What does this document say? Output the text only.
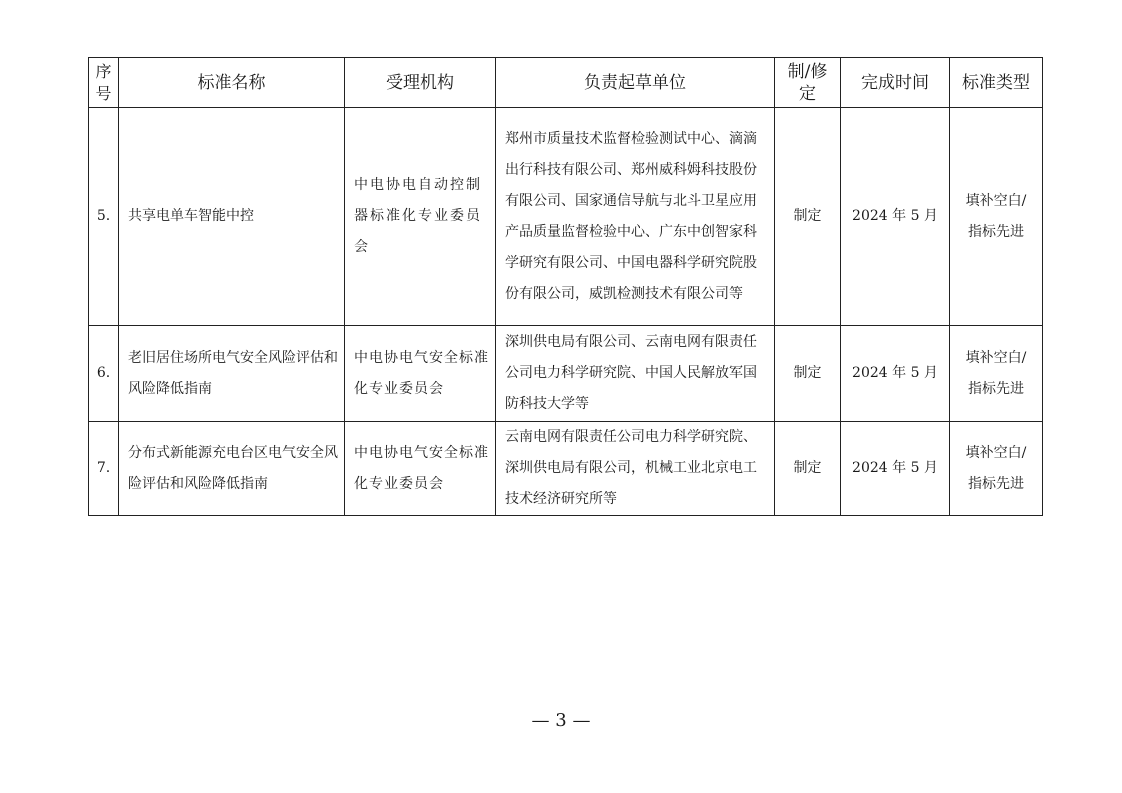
序号	标准名称	受理机构	负责起草单位	制/修定	完成时间	标准类型
5.	共享电单车智能中控	中电协电自动控制器标准化专业委员会	郑州市质量技术监督检验测试中心、滴滴出行科技有限公司、郑州威科姆科技股份有限公司、国家通信导航与北斗卫星应用产品质量监督检验中心、广东中创智家科学研究有限公司、中国电器科学研究院股份有限公司，威凯检测技术有限公司等	制定	2024 年 5 月	填补空白/指标先进
6.	老旧居住场所电气安全风险评估和风险降低指南	中电协电气安全标准化专业委员会	深圳供电局有限公司、云南电网有限责任公司电力科学研究院、中国人民解放军国防科技大学等	制定	2024 年 5 月	填补空白/指标先进
7.	分布式新能源充电台区电气安全风险评估和风险降低指南	中电协电气安全标准化专业委员会	云南电网有限责任公司电力科学研究院、深圳供电局有限公司，机械工业北京电工技术经济研究所等	制定	2024 年 5 月	填补空白/指标先进
— 3 —
